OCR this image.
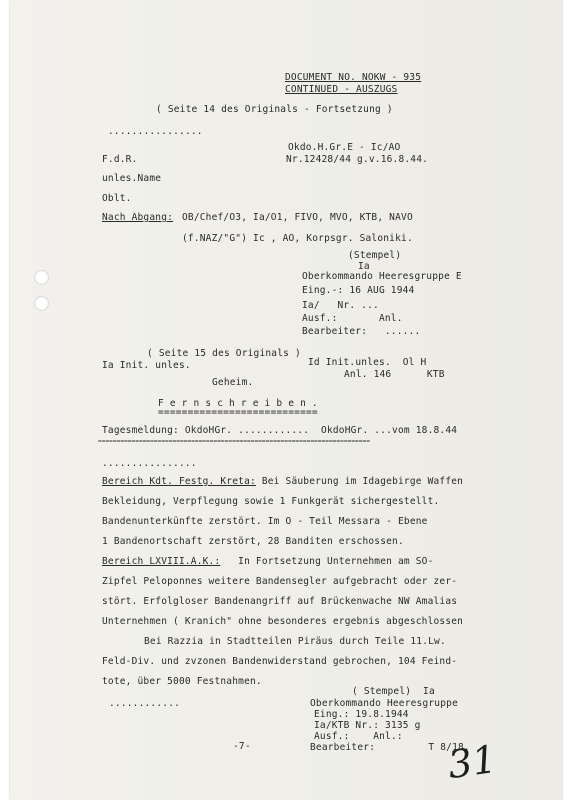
DOCUMENT NO. NOKW - 935
CONTINUED - AUSZUGS
( Seite 14 des Originals - Fortsetzung )
................
Okdo.H.Gr.E - Ic/AO
F.d.R.	Nr.12428/44 g.v.16.8.44.
unles.Name
Oblt.
Nach Abgang: OB/Chef/O3, Ia/O1, FIVO, MVO, KTB, NAVO
(f.NAZ/"G") Ic , AO, Korpsgr. Saloniki.
(Stempel)
Ia
Oberkommando Heeresgruppe E
Eing.-: 16 AUG 1944
Ia/   Nr. ...
Ausf.:       Anl.
Bearbeiter:   ......
( Seite 15 des Originals )
Ia Init. unles.	Id Init.unles.  Ol H
Anl. 146      KTB
Geheim.
F e r n s c h r e i b e n .
===========================
Tagesmeldung: OkdoHGr. ............  OkdoHGr. ...vom 18.8.44
=========================================================================
................
Bereich Kdt. Festg. Kreta: Bei Säuberung im Idagebirge Waffen
Bekleidung, Verpflegung sowie 1 Funkgerät sichergestellt.
Bandenunterkünfte zerstört. Im O - Teil Messara - Ebene
1 Bandenortschaft zerstört, 28 Banditen erschossen.
Bereich LXVIII.A.K.:   In Fortsetzung Unternehmen am SO-
Zipfel Peloponnes weitere Bandensegler aufgebracht oder zer-
stört. Erfolgloser Bandenangriff auf Brückenwache NW Amalias
Unternehmen ( Kranich" ohne besonderes ergebnis abgeschlossen
Bei Razzia in Stadtteilen Piräus durch Teile 11.Lw.
Feld-Div. und zvzonen Bandenwiderstand gebrochen, 104 Feind-
tote, über 5000 Festnahmen.
............
( Stempel)  Ia
Oberkommando Heeresgruppe
Eing.: 19.8.1944
Ia/KTB Nr.: 3135 g
Ausf.:    Anl.:
Bearbeiter:         T 8/18.
-7-	31
